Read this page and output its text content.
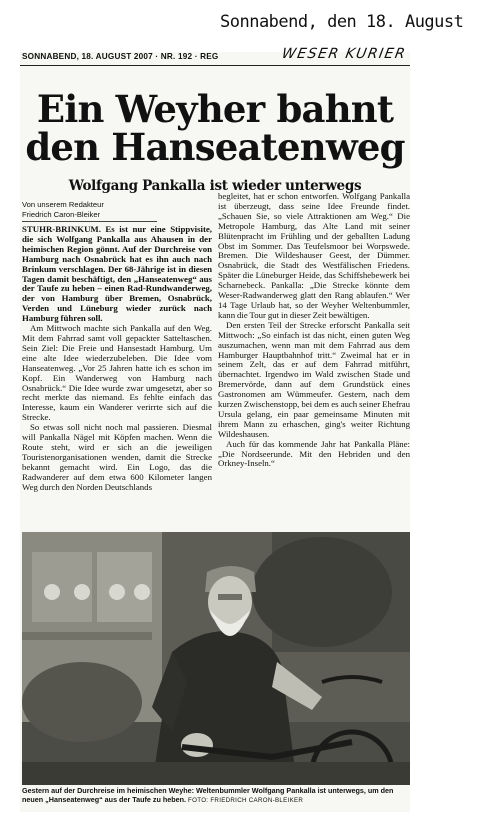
Sonnabend, den 18. August
SONNABEND, 18. AUGUST 2007 · NR. 192 · REG	WESER KURIER
Ein Weyher bahnt
den Hanseatenweg
Wolfgang Pankalla ist wieder unterwegs
Von unserem Redakteur
Friedrich Caron-Bleiker

STUHR-BRINKUM. Es ist nur eine Stippvisite, die sich Wolfgang Pankalla aus Ahausen in der heimischen Region gönnt. Auf der Durchreise von Hamburg nach Osnabrück hat es ihn auch nach Brinkum verschlagen. Der 68-Jährige ist in diesen Tagen damit beschäftigt, den „Hanseatenweg“ aus der Taufe zu heben – einen Rad-Rundwanderweg, der von Hamburg über Bremen, Osnabrück, Verden und Lüneburg wieder zurück nach Hamburg führen soll.

Am Mittwoch machte sich Pankalla auf den Weg. Mit dem Fahrrad samt voll gepackter Satteltaschen. Sein Ziel: Die Freie und Hansestadt Hamburg. Um eine alte Idee wiederzubeleben. Die Idee vom Hanseatenweg. „Vor 25 Jahren hatte ich es schon im Kopf. Ein Wanderweg von Hamburg nach Osnabrück.“ Die Idee wurde zwar umgesetzt, aber so recht merkte das niemand. Es fehlte einfach das Interesse, kaum ein Wanderer verirrte sich auf die Strecke.

So etwas soll nicht noch mal passieren. Diesmal will Pankalla Nägel mit Köpfen machen. Wenn die Route steht, wird er sich an die jeweiligen Touristenorganisationen wenden, damit die Strecke bekannt gemacht wird. Ein Logo, das die Radwanderer auf dem etwa 600 Kilometer langen Weg durch den Norden Deutschlands

begleitet, hat er schon entworfen. Wolfgang Pankalla ist überzeugt, dass seine Idee Freunde findet. „Schauen Sie, so viele Attraktionen am Weg.“ Die Metropole Hamburg, das Alte Land mit seiner Blütenpracht im Frühling und der geballten Ladung Obst im Sommer. Das Teufelsmoor bei Worpswede. Bremen. Die Wildeshauser Geest, der Dümmer. Osnabrück, die Stadt des Westfälischen Friedens. Später die Lüneburger Heide, das Schiffshebewerk bei Scharnebeck. Pankalla: „Die Strecke könnte dem Weser-Radwanderweg glatt den Rang ablaufen.“ Wer 14 Tage Urlaub hat, so der Weyher Weltenbummler, kann die Tour gut in dieser Zeit bewältigen.

Den ersten Teil der Strecke erforscht Pankalla seit Mittwoch: „So einfach ist das nicht, einen guten Weg auszumachen, wenn man mit dem Fahrrad aus dem Hamburger Hauptbahnhof tritt.“ Zweimal hat er in seinem Zelt, das er auf dem Fahrrad mitführt, übernachtet. Irgendwo im Wald zwischen Stade und Bremervörde, dann auf dem Grundstück eines Gastronomen am Wümmeufer. Gestern, nach dem kurzen Zwischenstopp, bei dem es auch seiner Ehefrau Ursula gelang, ein paar gemeinsame Minuten mit ihrem Mann zu erhaschen, ging's weiter Richtung Wildeshausen.

Auch für das kommende Jahr hat Pankalla Pläne: „Die Nordseerunde. Mit den Hebriden und den Orkney-Inseln.“

Gestern auf der Durchreise im heimischen Weyhe: Weltenbummler Wolfgang Pankalla ist unterwegs, um den neuen „Hanseatenweg“ aus der Taufe zu heben. FOTO: FRIEDRICH CARON-BLEIKER
